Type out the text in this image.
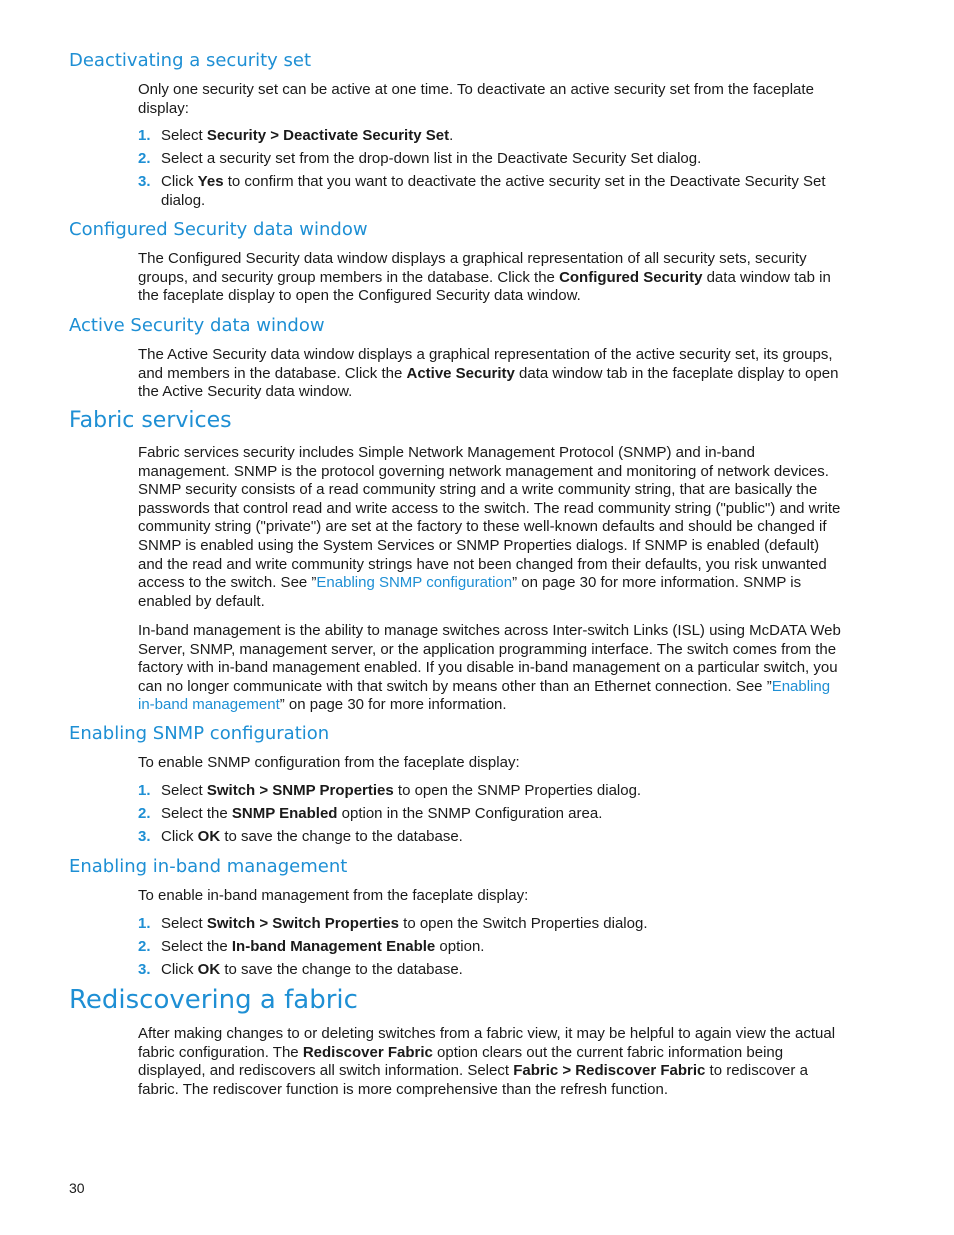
Deactivating a security set

Only one security set can be active at one time. To deactivate an active security set from the faceplate display:

1. Select Security > Deactivate Security Set.
2. Select a security set from the drop-down list in the Deactivate Security Set dialog.
3. Click Yes to confirm that you want to deactivate the active security set in the Deactivate Security Set dialog.
Configured Security data window

The Configured Security data window displays a graphical representation of all security sets, security groups, and security group members in the database. Click the Configured Security data window tab in the faceplate display to open the Configured Security data window.

Active Security data window

The Active Security data window displays a graphical representation of the active security set, its groups, and members in the database. Click the Active Security data window tab in the faceplate display to open the Active Security data window.

Fabric services

Fabric services security includes Simple Network Management Protocol (SNMP) and in-band management. SNMP is the protocol governing network management and monitoring of network devices. SNMP security consists of a read community string and a write community string, that are basically the passwords that control read and write access to the switch. The read community string ("public") and write community string ("private") are set at the factory to these well-known defaults and should be changed if SNMP is enabled using the System Services or SNMP Properties dialogs. If SNMP is enabled (default) and the read and write community strings have not been changed from their defaults, you risk unwanted access to the switch. See ”Enabling SNMP configuration” on page 30 for more information. SNMP is enabled by default.

In-band management is the ability to manage switches across Inter-switch Links (ISL) using McDATA Web Server, SNMP, management server, or the application programming interface. The switch comes from the factory with in-band management enabled. If you disable in-band management on a particular switch, you can no longer communicate with that switch by means other than an Ethernet connection. See ”Enabling in-band management” on page 30 for more information.

Enabling SNMP configuration

To enable SNMP configuration from the faceplate display:

1. Select Switch > SNMP Properties to open the SNMP Properties dialog.
2. Select the SNMP Enabled option in the SNMP Configuration area.
3. Click OK to save the change to the database.
Enabling in-band management

To enable in-band management from the faceplate display:

1. Select Switch > Switch Properties to open the Switch Properties dialog.
2. Select the In-band Management Enable option.
3. Click OK to save the change to the database.
Rediscovering a fabric

After making changes to or deleting switches from a fabric view, it may be helpful to again view the actual fabric configuration. The Rediscover Fabric option clears out the current fabric information being displayed, and rediscovers all switch information. Select Fabric > Rediscover Fabric to rediscover a fabric. The rediscover function is more comprehensive than the refresh function.

30
